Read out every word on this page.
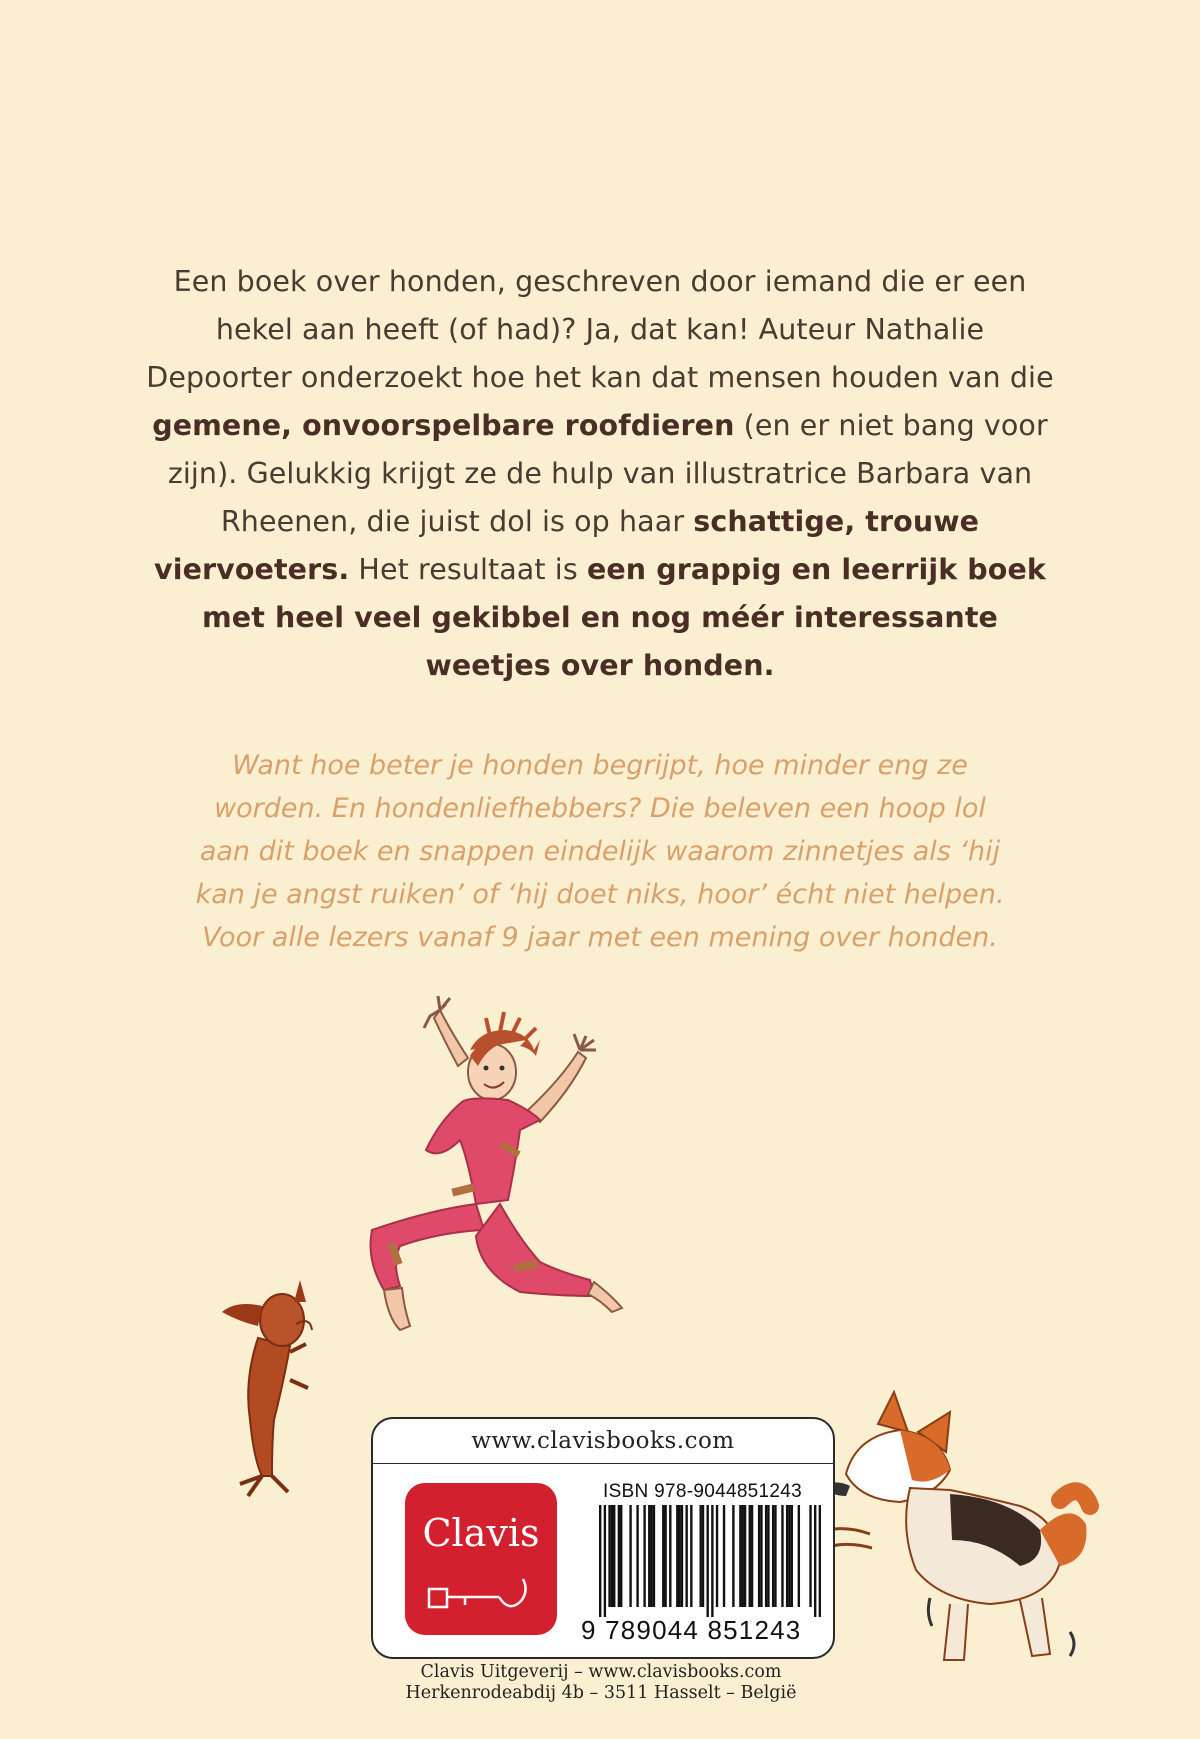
Een boek over honden, geschreven door iemand die er een hekel aan heeft (of had)? Ja, dat kan! Auteur Nathalie Depoorter onderzoekt hoe het kan dat mensen houden van die gemene, onvoorspelbare roofdieren (en er niet bang voor zijn). Gelukkig krijgt ze de hulp van illustratrice Barbara van Rheenen, die juist dol is op haar schattige, trouwe viervoeters. Het resultaat is een grappig en leerrijk boek met heel veel gekibbel en nog méér interessante weetjes over honden.
Want hoe beter je honden begrijpt, hoe minder eng ze
worden. En hondenliefhebbers? Die beleven een hoop lol
aan dit boek en snappen eindelijk waarom zinnetjes als ‘hij
kan je angst ruiken’ of ‘hij doet niks, hoor’ écht niet helpen.
Voor alle lezers vanaf 9 jaar met een mening over honden.
www.clavisbooks.com
Clavis
ISBN 978-9044851243
9 789044 851243
Clavis Uitgeverij – www.clavisbooks.com
Herkenrodeabdij 4b – 3511 Hasselt – België
